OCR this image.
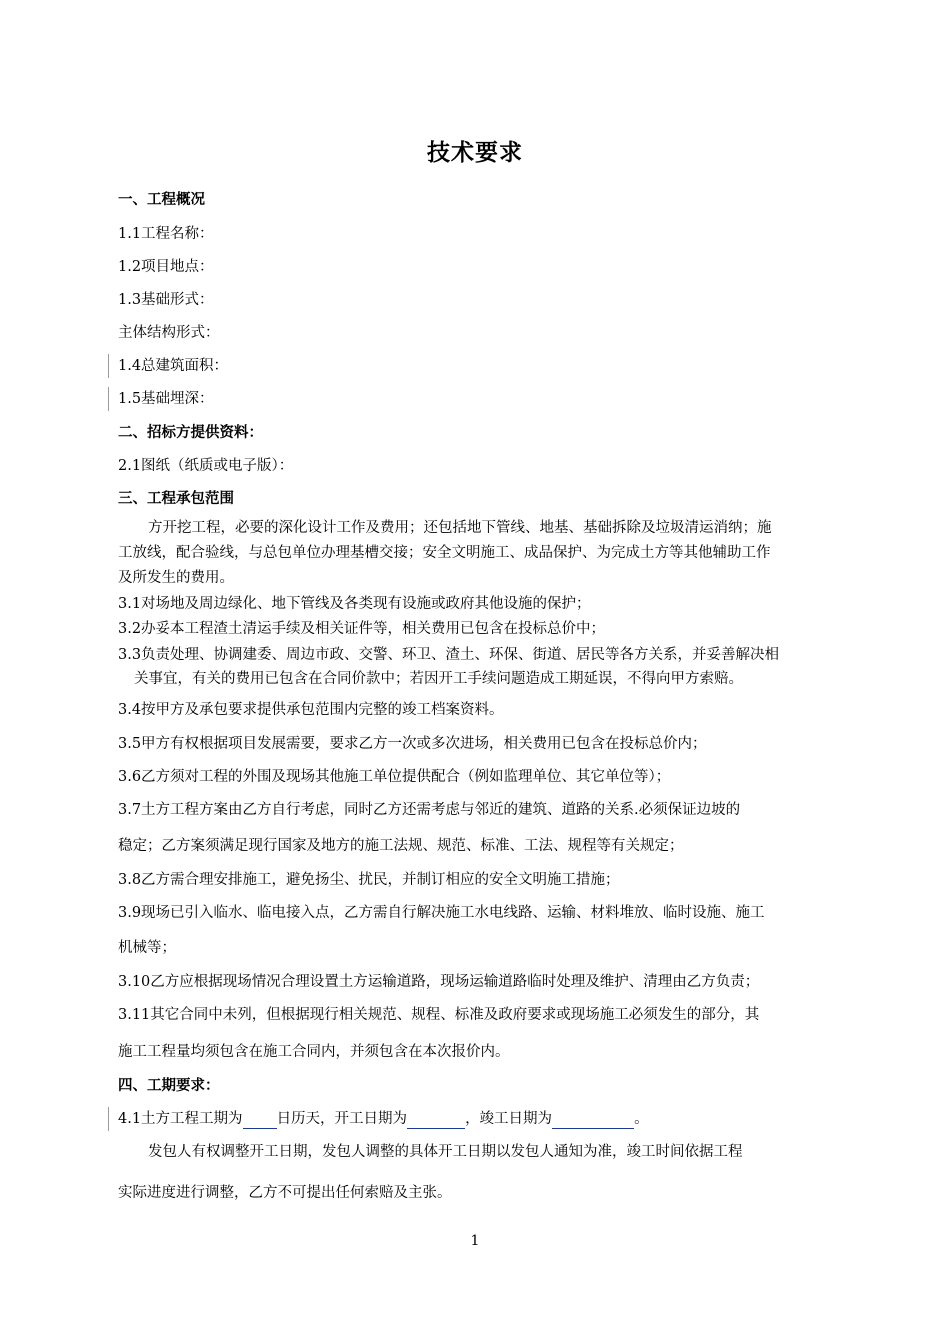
技术要求
一、工程概况
1.1工程名称：
1.2项目地点：
1.3基础形式：
主体结构形式：
1.4总建筑面积：
1.5基础埋深：
二、招标方提供资料：
2.1图纸（纸质或电子版）：
三、工程承包范围
方开挖工程，必要的深化设计工作及费用；还包括地下管线、地基、基础拆除及垃圾清运消纳；施
工放线，配合验线，与总包单位办理基槽交接；安全文明施工、成品保护、为完成土方等其他辅助工作
及所发生的费用。
3.1对场地及周边绿化、地下管线及各类现有设施或政府其他设施的保护；
3.2办妥本工程渣土清运手续及相关证件等，相关费用已包含在投标总价中；
3.3负责处理、协调建委、周边市政、交警、环卫、渣土、环保、街道、居民等各方关系，并妥善解决相
关事宜，有关的费用已包含在合同价款中；若因开工手续问题造成工期延误，不得向甲方索赔。
3.4按甲方及承包要求提供承包范围内完整的竣工档案资料。
3.5甲方有权根据项目发展需要，要求乙方一次或多次进场，相关费用已包含在投标总价内；
3.6乙方须对工程的外围及现场其他施工单位提供配合（例如监理单位、其它单位等）；
3.7土方工程方案由乙方自行考虑，同时乙方还需考虑与邻近的建筑、道路的关系.必须保证边坡的
稳定；乙方案须满足现行国家及地方的施工法规、规范、标准、工法、规程等有关规定；
3.8乙方需合理安排施工，避免扬尘、扰民，并制订相应的安全文明施工措施；
3.9现场已引入临水、临电接入点，乙方需自行解决施工水电线路、运输、材料堆放、临时设施、施工
机械等；
3.10乙方应根据现场情况合理设置土方运输道路，现场运输道路临时处理及维护、清理由乙方负责；
3.11其它合同中未列，但根据现行相关规范、规程、标准及政府要求或现场施工必须发生的部分，其
施工工程量均须包含在施工合同内，并须包含在本次报价内。
四、工期要求：
4.1土方工程工期为 日历天，开工日期为	，竣工日期为	。
发包人有权调整开工日期，发包人调整的具体开工日期以发包人通知为准，竣工时间依据工程
实际进度进行调整，乙方不可提出任何索赔及主张。
1
